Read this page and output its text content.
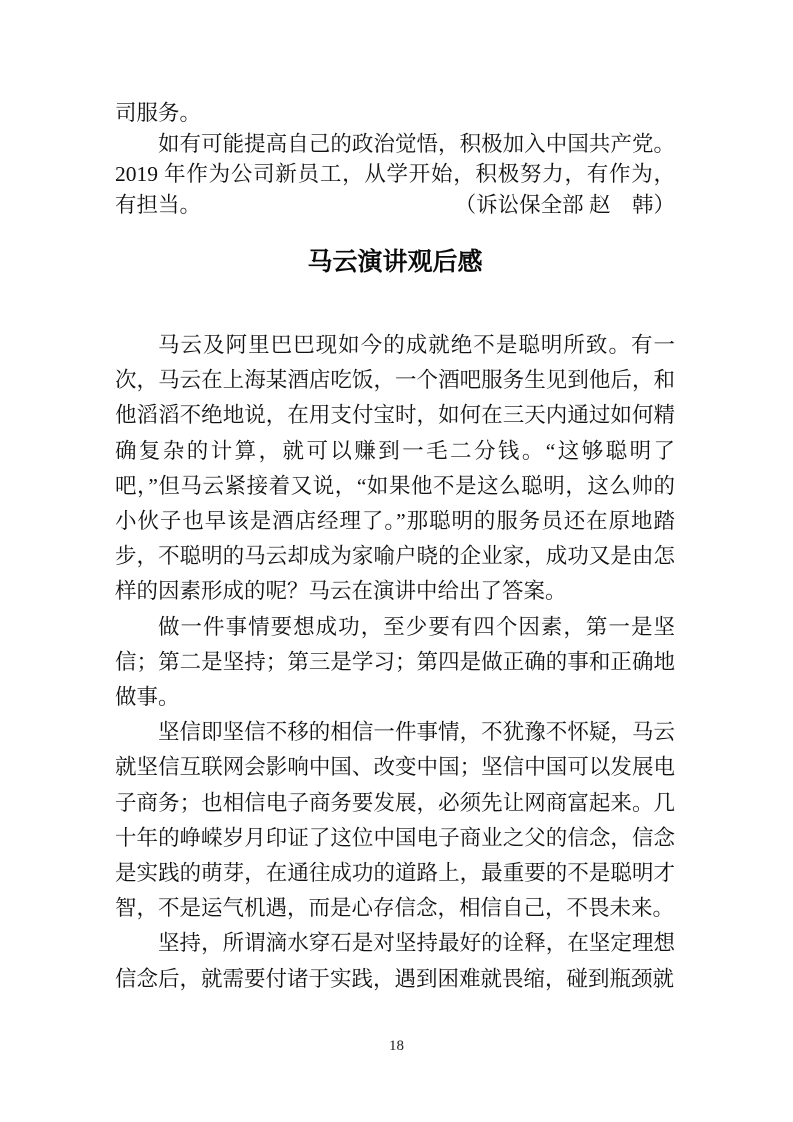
司服务。

如有可能提高自己的政治觉悟，积极加入中国共产党。2019 年作为公司新员工，从学开始，积极努力，有作为，有担当。	（诉讼保全部 赵　韩）

马云演讲观后感

马云及阿里巴巴现如今的成就绝不是聪明所致。有一次，马云在上海某酒店吃饭，一个酒吧服务生见到他后，和他滔滔不绝地说，在用支付宝时，如何在三天内通过如何精确复杂的计算，就可以赚到一毛二分钱。“这够聪明了吧，”但马云紧接着又说，“如果他不是这么聪明，这么帅的小伙子也早该是酒店经理了。”那聪明的服务员还在原地踏步，不聪明的马云却成为家喻户晓的企业家，成功又是由怎样的因素形成的呢？马云在演讲中给出了答案。

做一件事情要想成功，至少要有四个因素，第一是坚信；第二是坚持；第三是学习；第四是做正确的事和正确地做事。

坚信即坚信不移的相信一件事情，不犹豫不怀疑，马云就坚信互联网会影响中国、改变中国；坚信中国可以发展电子商务；也相信电子商务要发展，必须先让网商富起来。几十年的峥嵘岁月印证了这位中国电子商业之父的信念，信念是实践的萌芽，在通往成功的道路上，最重要的不是聪明才智，不是运气机遇，而是心存信念，相信自己，不畏未来。

坚持，所谓滴水穿石是对坚持最好的诠释，在坚定理想信念后，就需要付诸于实践，遇到困难就畏缩，碰到瓶颈就

18
